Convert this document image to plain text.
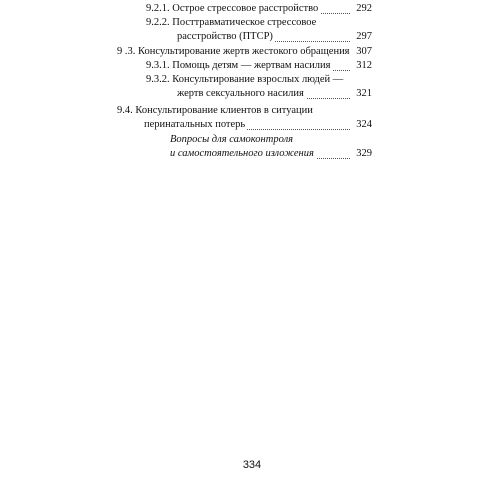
9.2.1. Острое стрессовое расстройство	292
9.2.2. Посттравматическое стрессовое
расстройство (ПТСР)	297
9 .3. Консультирование жертв жестокого обращения 307
9.3.1. Помощь детям — жертвам насилия 312
9.3.2. Консультирование взрослых людей —
жертв сексуального насилия	321
9.4. Консультирование клиентов в ситуации
перинатальных потерь	324
Вопросы для самоконтроля
и самостоятельного изложения	329
334
